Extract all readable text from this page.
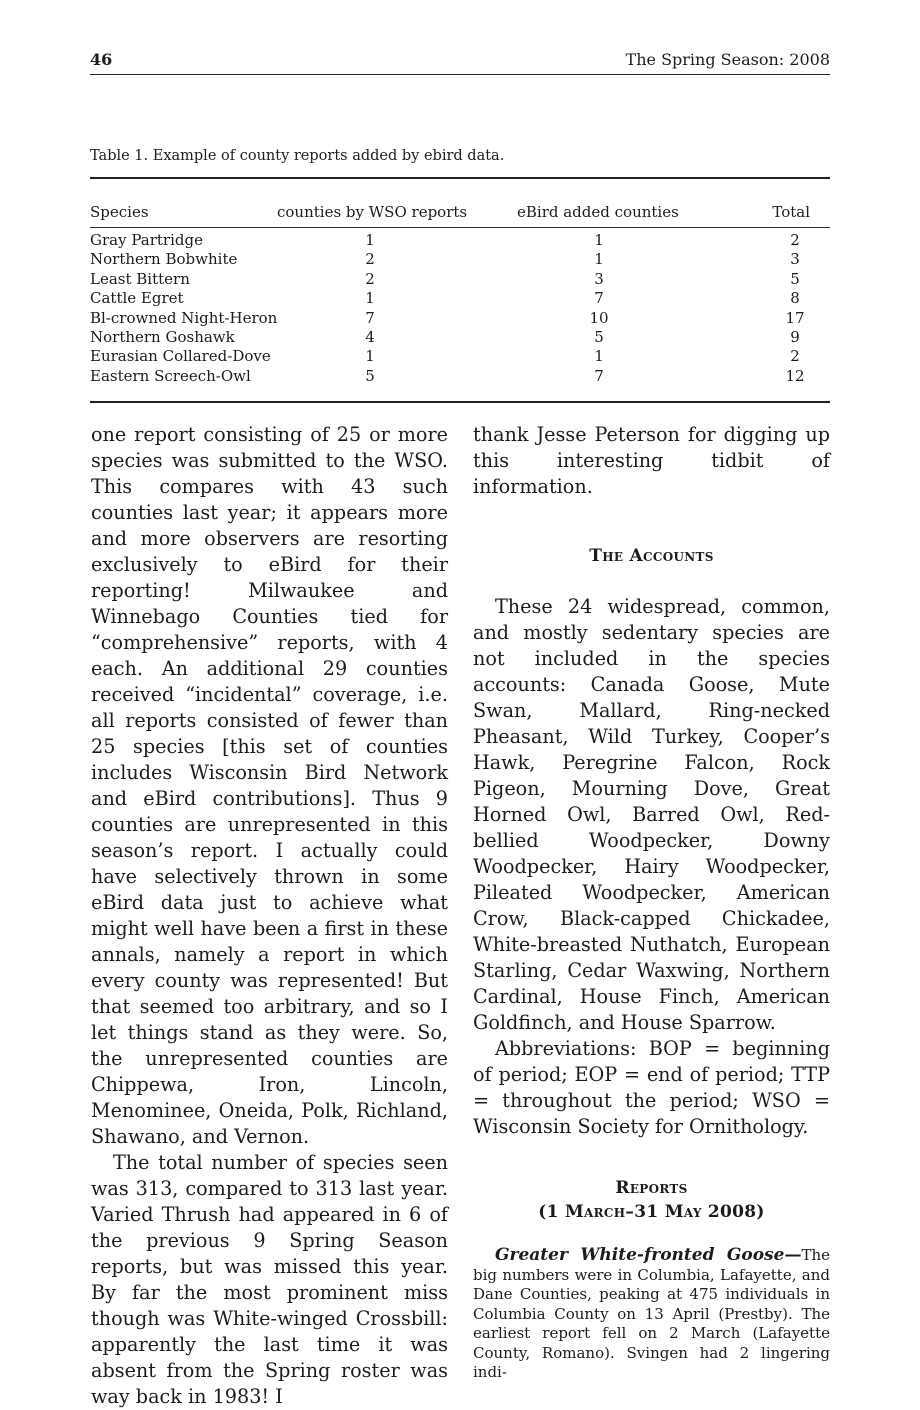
46	The Spring Season: 2008
Table 1. Example of county reports added by ebird data.
Species	counties by WSO reports	eBird added counties	Total
Gray Partridge	1	1	2
Northern Bobwhite	2	1	3
Least Bittern	2	3	5
Cattle Egret	1	7	8
Bl-crowned Night-Heron	7	10	17
Northern Goshawk	4	5	9
Eurasian Collared-Dove	1	1	2
Eastern Screech-Owl	5	7	12

one report consisting of 25 or more species was submitted to the WSO. This compares with 43 such counties last year; it appears more and more observers are resorting exclusively to eBird for their reporting! Milwaukee and Winnebago Counties tied for “comprehensive” reports, with 4 each. An additional 29 counties received “incidental” coverage, i.e. all reports consisted of fewer than 25 species [this set of counties includes Wisconsin Bird Network and eBird contributions]. Thus 9 counties are unrepresented in this season’s report. I actually could have selectively thrown in some eBird data just to achieve what might well have been a first in these annals, namely a report in which every county was represented! But that seemed too arbitrary, and so I let things stand as they were. So, the unrepresented counties are Chippewa, Iron, Lincoln, Menominee, Oneida, Polk, Richland, Shawano, and Vernon.

The total number of species seen was 313, compared to 313 last year. Varied Thrush had appeared in 6 of the previous 9 Spring Season reports, but was missed this year. By far the most prominent miss though was White-winged Crossbill: apparently the last time it was absent from the Spring roster was way back in 1983! I

thank Jesse Peterson for digging up this interesting tidbit of information.

The Accounts

These 24 widespread, common, and mostly sedentary species are not included in the species accounts: Canada Goose, Mute Swan, Mallard, Ring-necked Pheasant, Wild Turkey, Cooper’s Hawk, Peregrine Falcon, Rock Pigeon, Mourning Dove, Great Horned Owl, Barred Owl, Red-bellied Woodpecker, Downy Woodpecker, Hairy Woodpecker, Pileated Woodpecker, American Crow, Black-capped Chickadee, White-breasted Nuthatch, European Starling, Cedar Waxwing, Northern Cardinal, House Finch, American Goldfinch, and House Sparrow.

Abbreviations: BOP = beginning of period; EOP = end of period; TTP = throughout the period; WSO = Wisconsin Society for Ornithology.

Reports
(1 March–31 May 2008)

Greater White-fronted Goose—The big numbers were in Columbia, Lafayette, and Dane Counties, peaking at 475 individuals in Columbia County on 13 April (Prestby). The earliest report fell on 2 March (Lafayette County, Romano). Svingen had 2 lingering indi-
